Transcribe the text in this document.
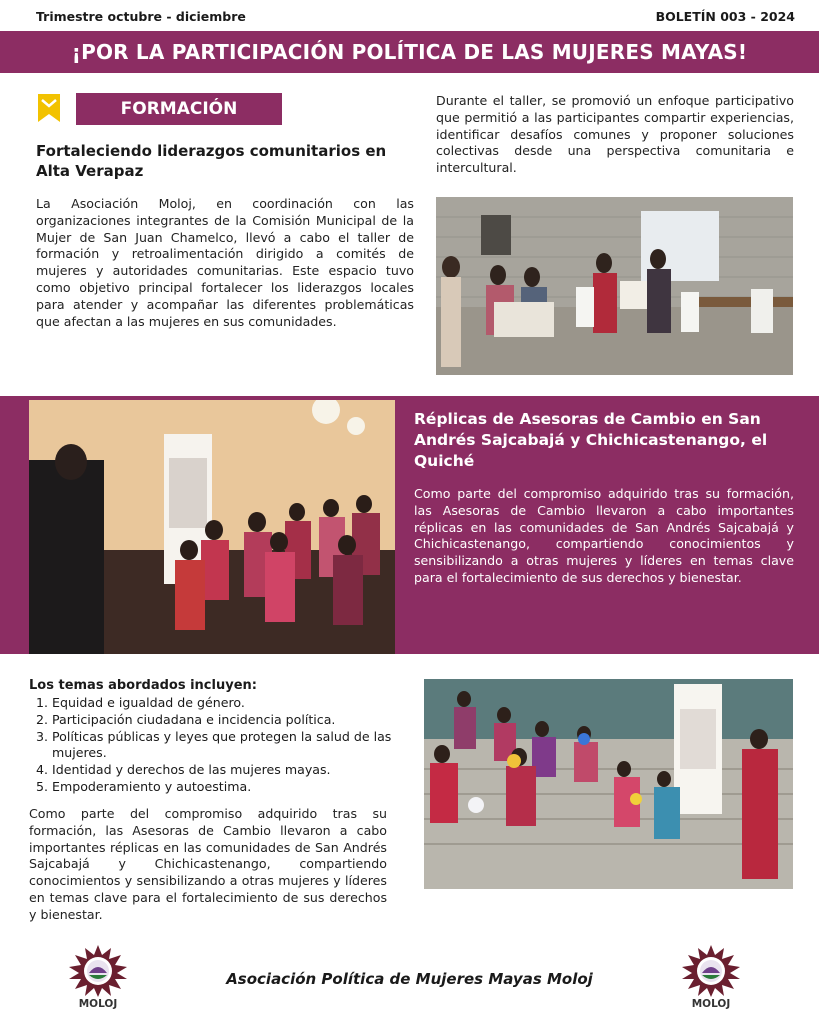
Trimestre octubre - diciembre	BOLETÍN 003 - 2024
¡POR LA PARTICIPACIÓN POLÍTICA DE LAS MUJERES MAYAS!
FORMACIÓN
Fortaleciendo liderazgos comunitarios en Alta Verapaz

La Asociación Moloj, en coordinación con las organizaciones integrantes de la Comisión Municipal de la Mujer de San Juan Chamelco, llevó a cabo el taller de formación y retroalimentación dirigido a comités de mujeres y autoridades comunitarias. Este espacio tuvo como objetivo principal fortalecer los liderazgos locales para atender y acompañar las diferentes problemáticas que afectan a las mujeres en sus comunidades.

Durante el taller, se promovió un enfoque participativo que permitió a las participantes compartir experiencias, identificar desafíos comunes y proponer soluciones colectivas desde una perspectiva comunitaria e intercultural.

Réplicas de Asesoras de Cambio en San Andrés Sajcabajá y Chichicastenango, el Quiché

Como parte del compromiso adquirido tras su formación, las Asesoras de Cambio llevaron a cabo importantes réplicas en las comunidades de San Andrés Sajcabajá y Chichicastenango, compartiendo conocimientos y sensibilizando a otras mujeres y líderes en temas clave para el fortalecimiento de sus derechos y bienestar.

Los temas abordados incluyen:
1. Equidad e igualdad de género.
2. Participación ciudadana e incidencia política.
3. Políticas públicas y leyes que protegen la salud de las mujeres.
4. Identidad y derechos de las mujeres mayas.
5. Empoderamiento y autoestima.

Como parte del compromiso adquirido tras su formación, las Asesoras de Cambio llevaron a cabo importantes réplicas en las comunidades de San Andrés Sajcabajá y Chichicastenango, compartiendo conocimientos y sensibilizando a otras mujeres y líderes en temas clave para el fortalecimiento de sus derechos y bienestar.

MOLOJ
Asociación Política de Mujeres Mayas Moloj
MOLOJ
